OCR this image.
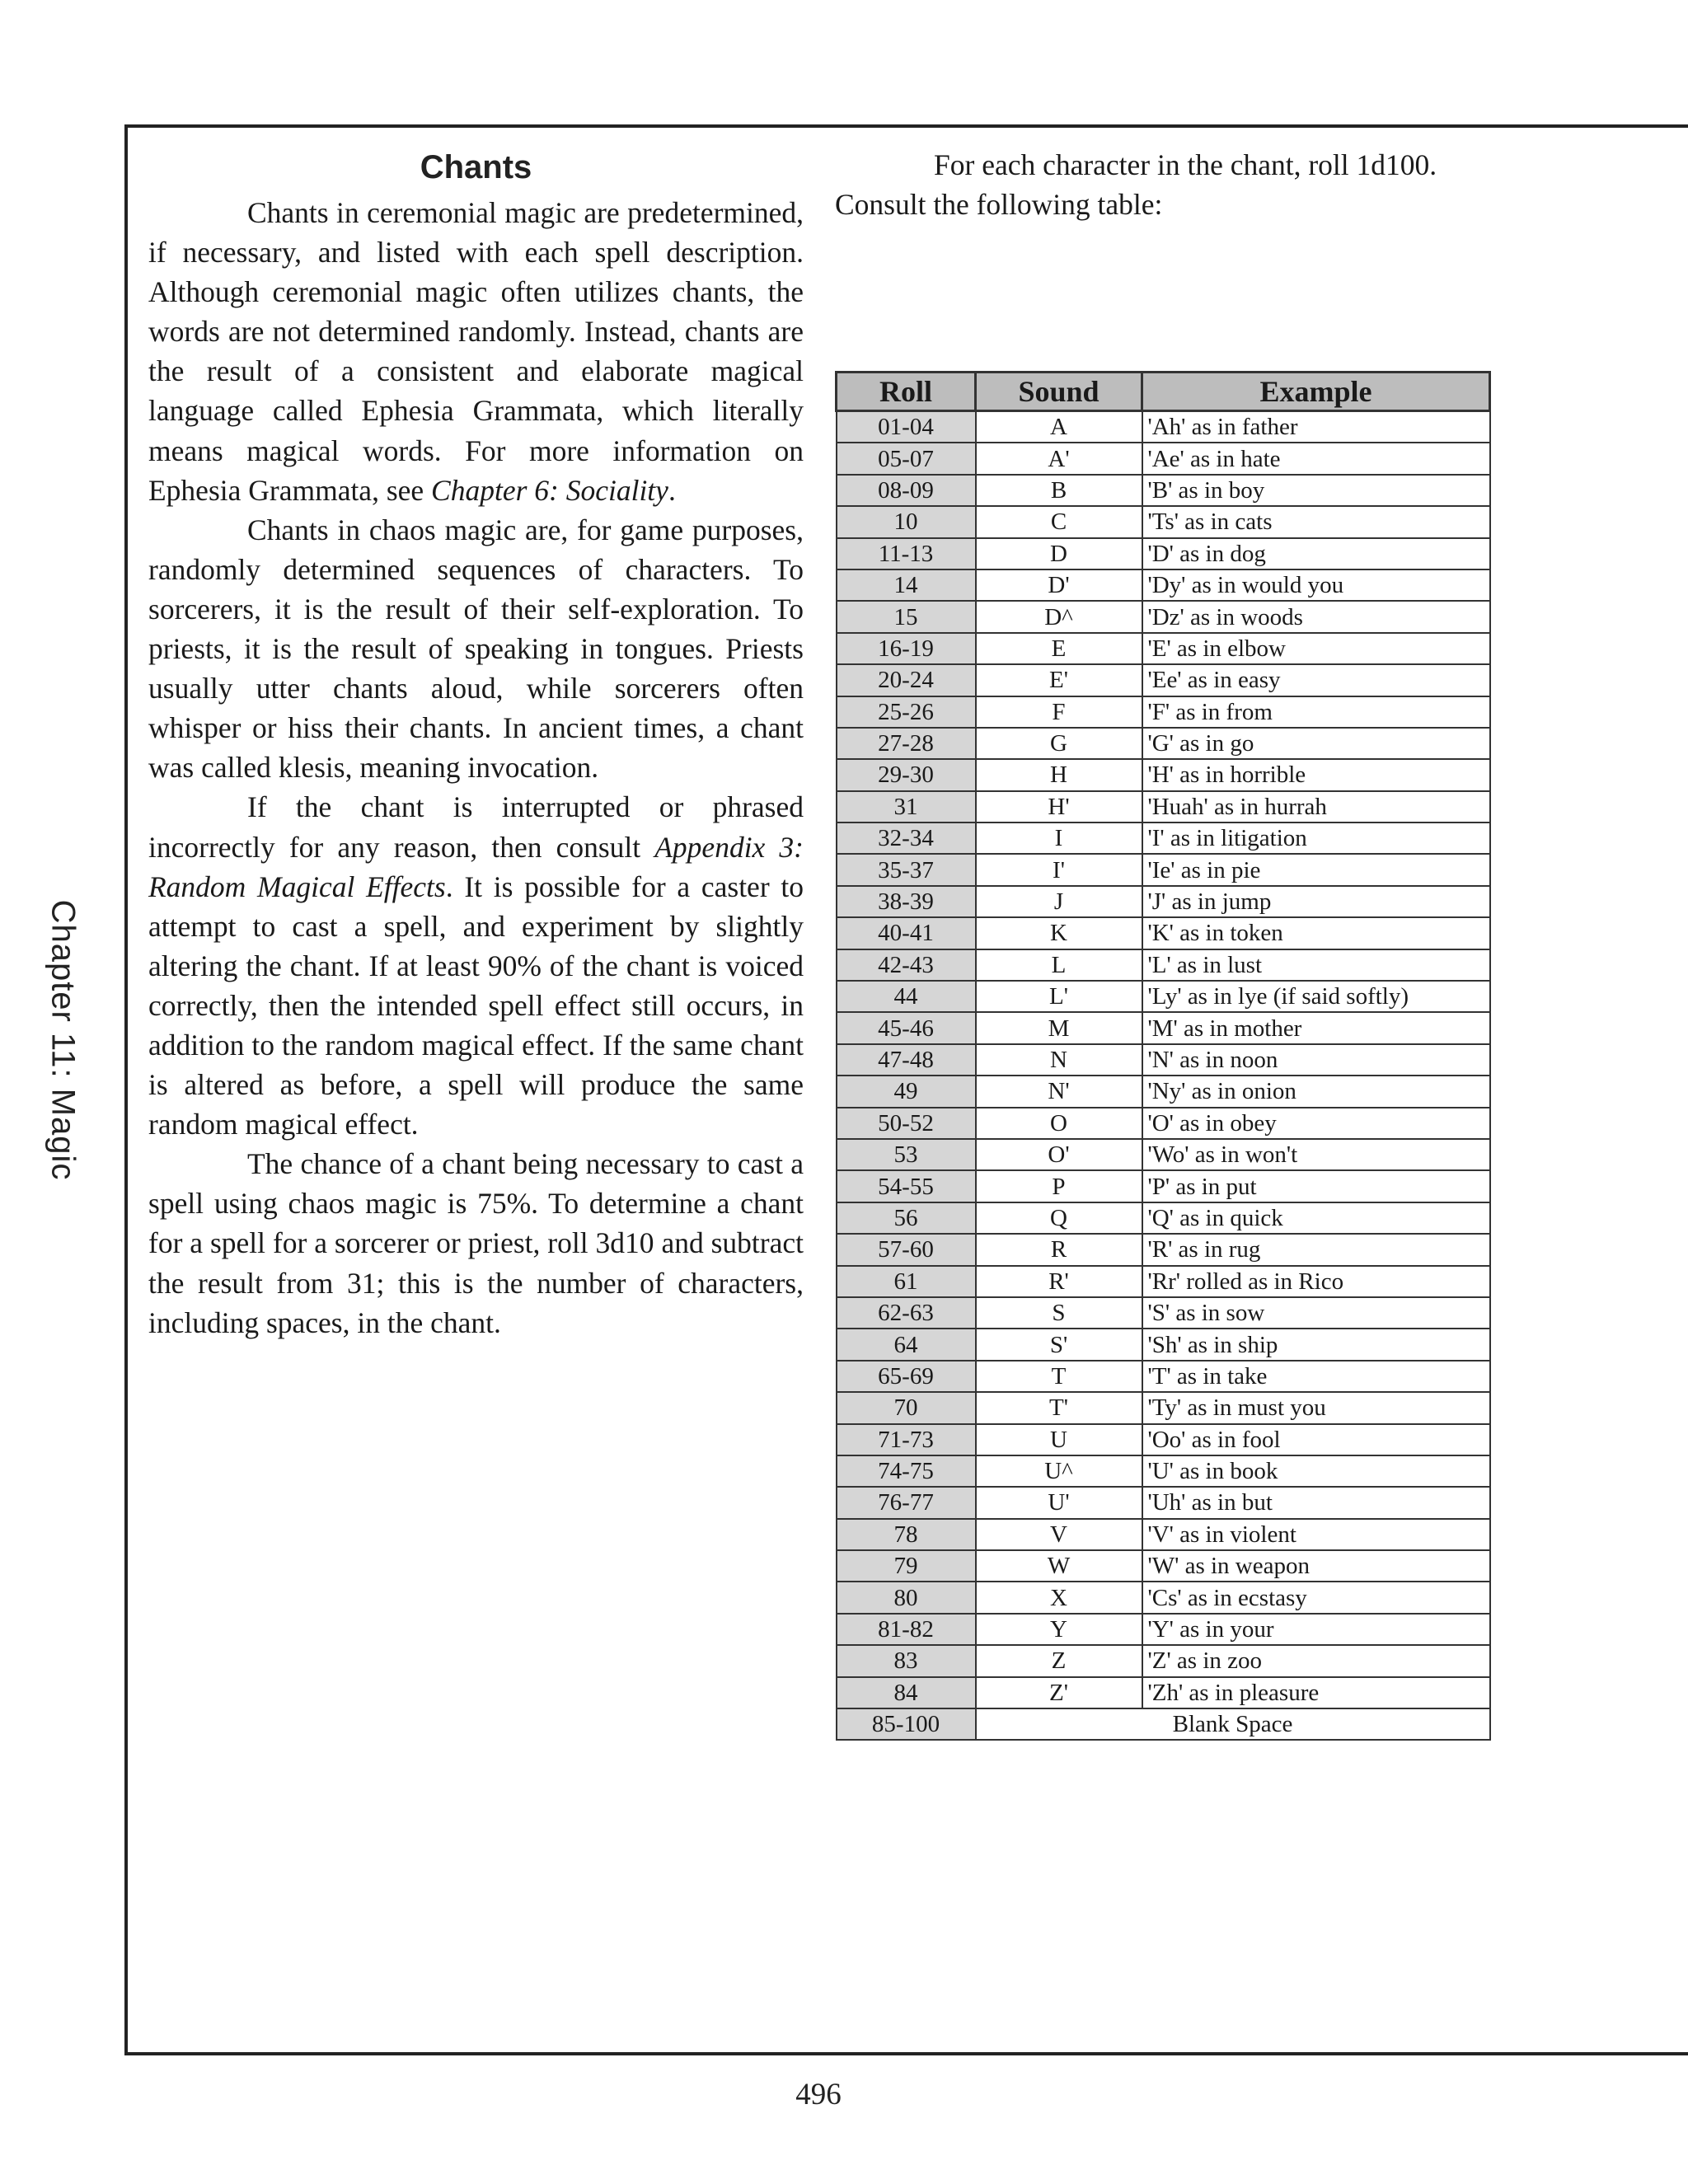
Chapter 11: Magic
Chants

Chants in ceremonial magic are predetermined, if necessary, and listed with each spell description. Although ceremonial magic often utilizes chants, the words are not determined randomly. Instead, chants are the result of a consistent and elaborate magical language called Ephesia Grammata, which literally means magical words. For more information on Ephesia Grammata, see Chapter 6: Sociality.

Chants in chaos magic are, for game purposes, randomly determined sequences of characters. To sorcerers, it is the result of their self-exploration. To priests, it is the result of speaking in tongues. Priests usually utter chants aloud, while sorcerers often whisper or hiss their chants. In ancient times, a chant was called klesis, meaning invocation.

If the chant is interrupted or phrased incorrectly for any reason, then consult Appendix 3: Random Magical Effects. It is possible for a caster to attempt to cast a spell, and experiment by slightly altering the chant. If at least 90% of the chant is voiced correctly, then the intended spell effect still occurs, in addition to the random magical effect. If the same chant is altered as before, a spell will produce the same random magical effect.

The chance of a chant being necessary to cast a spell using chaos magic is 75%. To determine a chant for a spell for a sorcerer or priest, roll 3d10 and subtract the result from 31; this is the number of characters, including spaces, in the chant.

For each character in the chant, roll 1d100. Consult the following table:

Roll	Sound	Example
01-04	A	'Ah' as in father
05-07	A'	'Ae' as in hate
08-09	B	'B' as in boy
10	C	'Ts' as in cats
11-13	D	'D' as in dog
14	D'	'Dy' as in would you
15	D^	'Dz' as in woods
16-19	E	'E' as in elbow
20-24	E'	'Ee' as in easy
25-26	F	'F' as in from
27-28	G	'G' as in go
29-30	H	'H' as in horrible
31	H'	'Huah' as in hurrah
32-34	I	'I' as in litigation
35-37	I'	'Ie' as in pie
38-39	J	'J' as in jump
40-41	K	'K' as in token
42-43	L	'L' as in lust
44	L'	'Ly' as in lye (if said softly)
45-46	M	'M' as in mother
47-48	N	'N' as in noon
49	N'	'Ny' as in onion
50-52	O	'O' as in obey
53	O'	'Wo' as in won't
54-55	P	'P' as in put
56	Q	'Q' as in quick
57-60	R	'R' as in rug
61	R'	'Rr' rolled as in Rico
62-63	S	'S' as in sow
64	S'	'Sh' as in ship
65-69	T	'T' as in take
70	T'	'Ty' as in must you
71-73	U	'Oo' as in fool
74-75	U^	'U' as in book
76-77	U'	'Uh' as in but
78	V	'V' as in violent
79	W	'W' as in weapon
80	X	'Cs' as in ecstasy
81-82	Y	'Y' as in your
83	Z	'Z' as in zoo
84	Z'	'Zh' as in pleasure
85-100	Blank Space	
496
